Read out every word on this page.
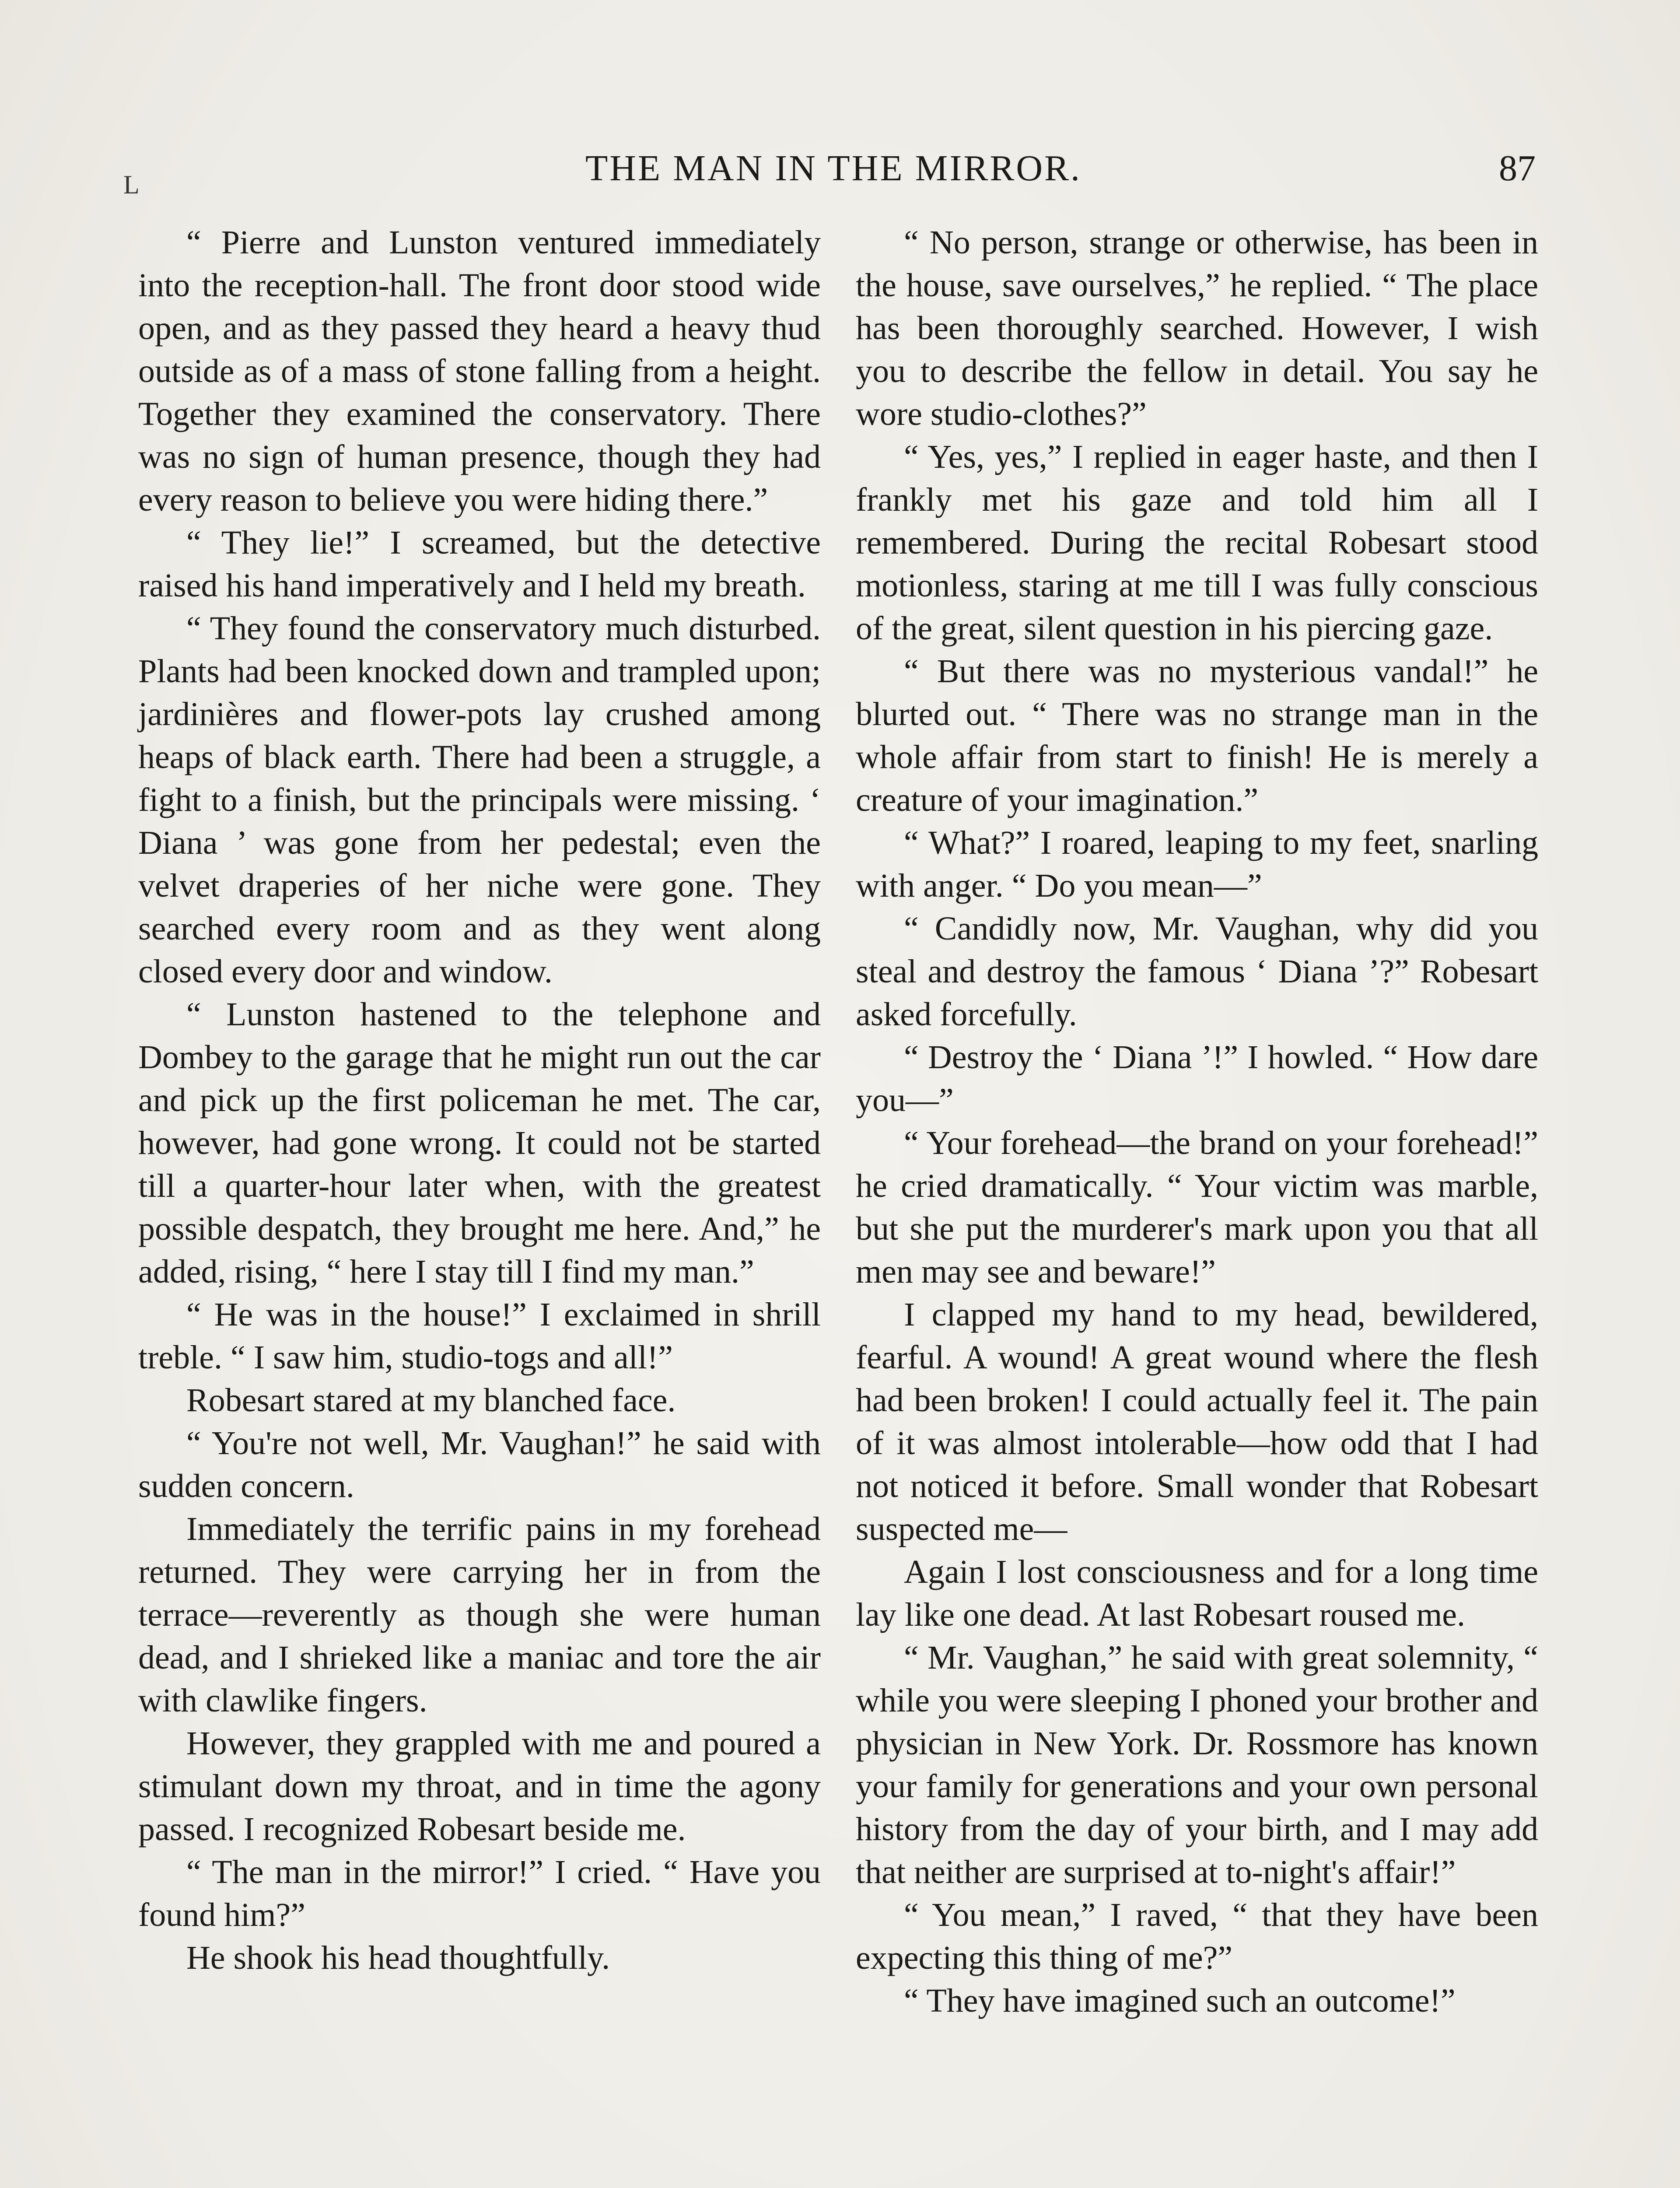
L	THE MAN IN THE MIRROR.	87

“ Pierre and Lunston ventured immediately into the reception-hall. The front door stood wide open, and as they passed they heard a heavy thud outside as of a mass of stone falling from a height. Together they examined the conservatory. There was no sign of human presence, though they had every reason to believe you were hiding there.”

“ They lie!” I screamed, but the detective raised his hand imperatively and I held my breath.

“ They found the conservatory much disturbed. Plants had been knocked down and trampled upon; jardinières and flower-pots lay crushed among heaps of black earth. There had been a struggle, a fight to a finish, but the principals were missing. ‘ Diana ’ was gone from her pedestal; even the velvet draperies of her niche were gone. They searched every room and as they went along closed every door and window.

“ Lunston hastened to the telephone and Dombey to the garage that he might run out the car and pick up the first policeman he met. The car, however, had gone wrong. It could not be started till a quarter-hour later when, with the greatest possible despatch, they brought me here. And,” he added, rising, “ here I stay till I find my man.”

“ He was in the house!” I exclaimed in shrill treble. “ I saw him, studio-togs and all!”

Robesart stared at my blanched face.

“ You're not well, Mr. Vaughan!” he said with sudden concern.

Immediately the terrific pains in my forehead returned. They were carrying her in from the terrace—reverently as though she were human dead, and I shrieked like a maniac and tore the air with clawlike fingers.

However, they grappled with me and poured a stimulant down my throat, and in time the agony passed. I recognized Robesart beside me.

“ The man in the mirror!” I cried. “ Have you found him?”

He shook his head thoughtfully.

“ No person, strange or otherwise, has been in the house, save ourselves,” he replied. “ The place has been thoroughly searched. However, I wish you to describe the fellow in detail. You say he wore studio-clothes?”

“ Yes, yes,” I replied in eager haste, and then I frankly met his gaze and told him all I remembered. During the recital Robesart stood motionless, staring at me till I was fully conscious of the great, silent question in his piercing gaze.

“ But there was no mysterious vandal!” he blurted out. “ There was no strange man in the whole affair from start to finish! He is merely a creature of your imagination.”

“ What?” I roared, leaping to my feet, snarling with anger. “ Do you mean—”

“ Candidly now, Mr. Vaughan, why did you steal and destroy the famous ‘ Diana ’?” Robesart asked forcefully.

“ Destroy the ‘ Diana ’!” I howled. “ How dare you—”

“ Your forehead—the brand on your forehead!” he cried dramatically. “ Your victim was marble, but she put the murderer's mark upon you that all men may see and beware!”

I clapped my hand to my head, bewildered, fearful. A wound! A great wound where the flesh had been broken! I could actually feel it. The pain of it was almost intolerable—how odd that I had not noticed it before. Small wonder that Robesart suspected me—

Again I lost consciousness and for a long time lay like one dead. At last Robesart roused me.

“ Mr. Vaughan,” he said with great solemnity, “ while you were sleeping I phoned your brother and physician in New York. Dr. Rossmore has known your family for generations and your own personal history from the day of your birth, and I may add that neither are surprised at to-night's affair!”

“ You mean,” I raved, “ that they have been expecting this thing of me?”

“ They have imagined such an outcome!”
